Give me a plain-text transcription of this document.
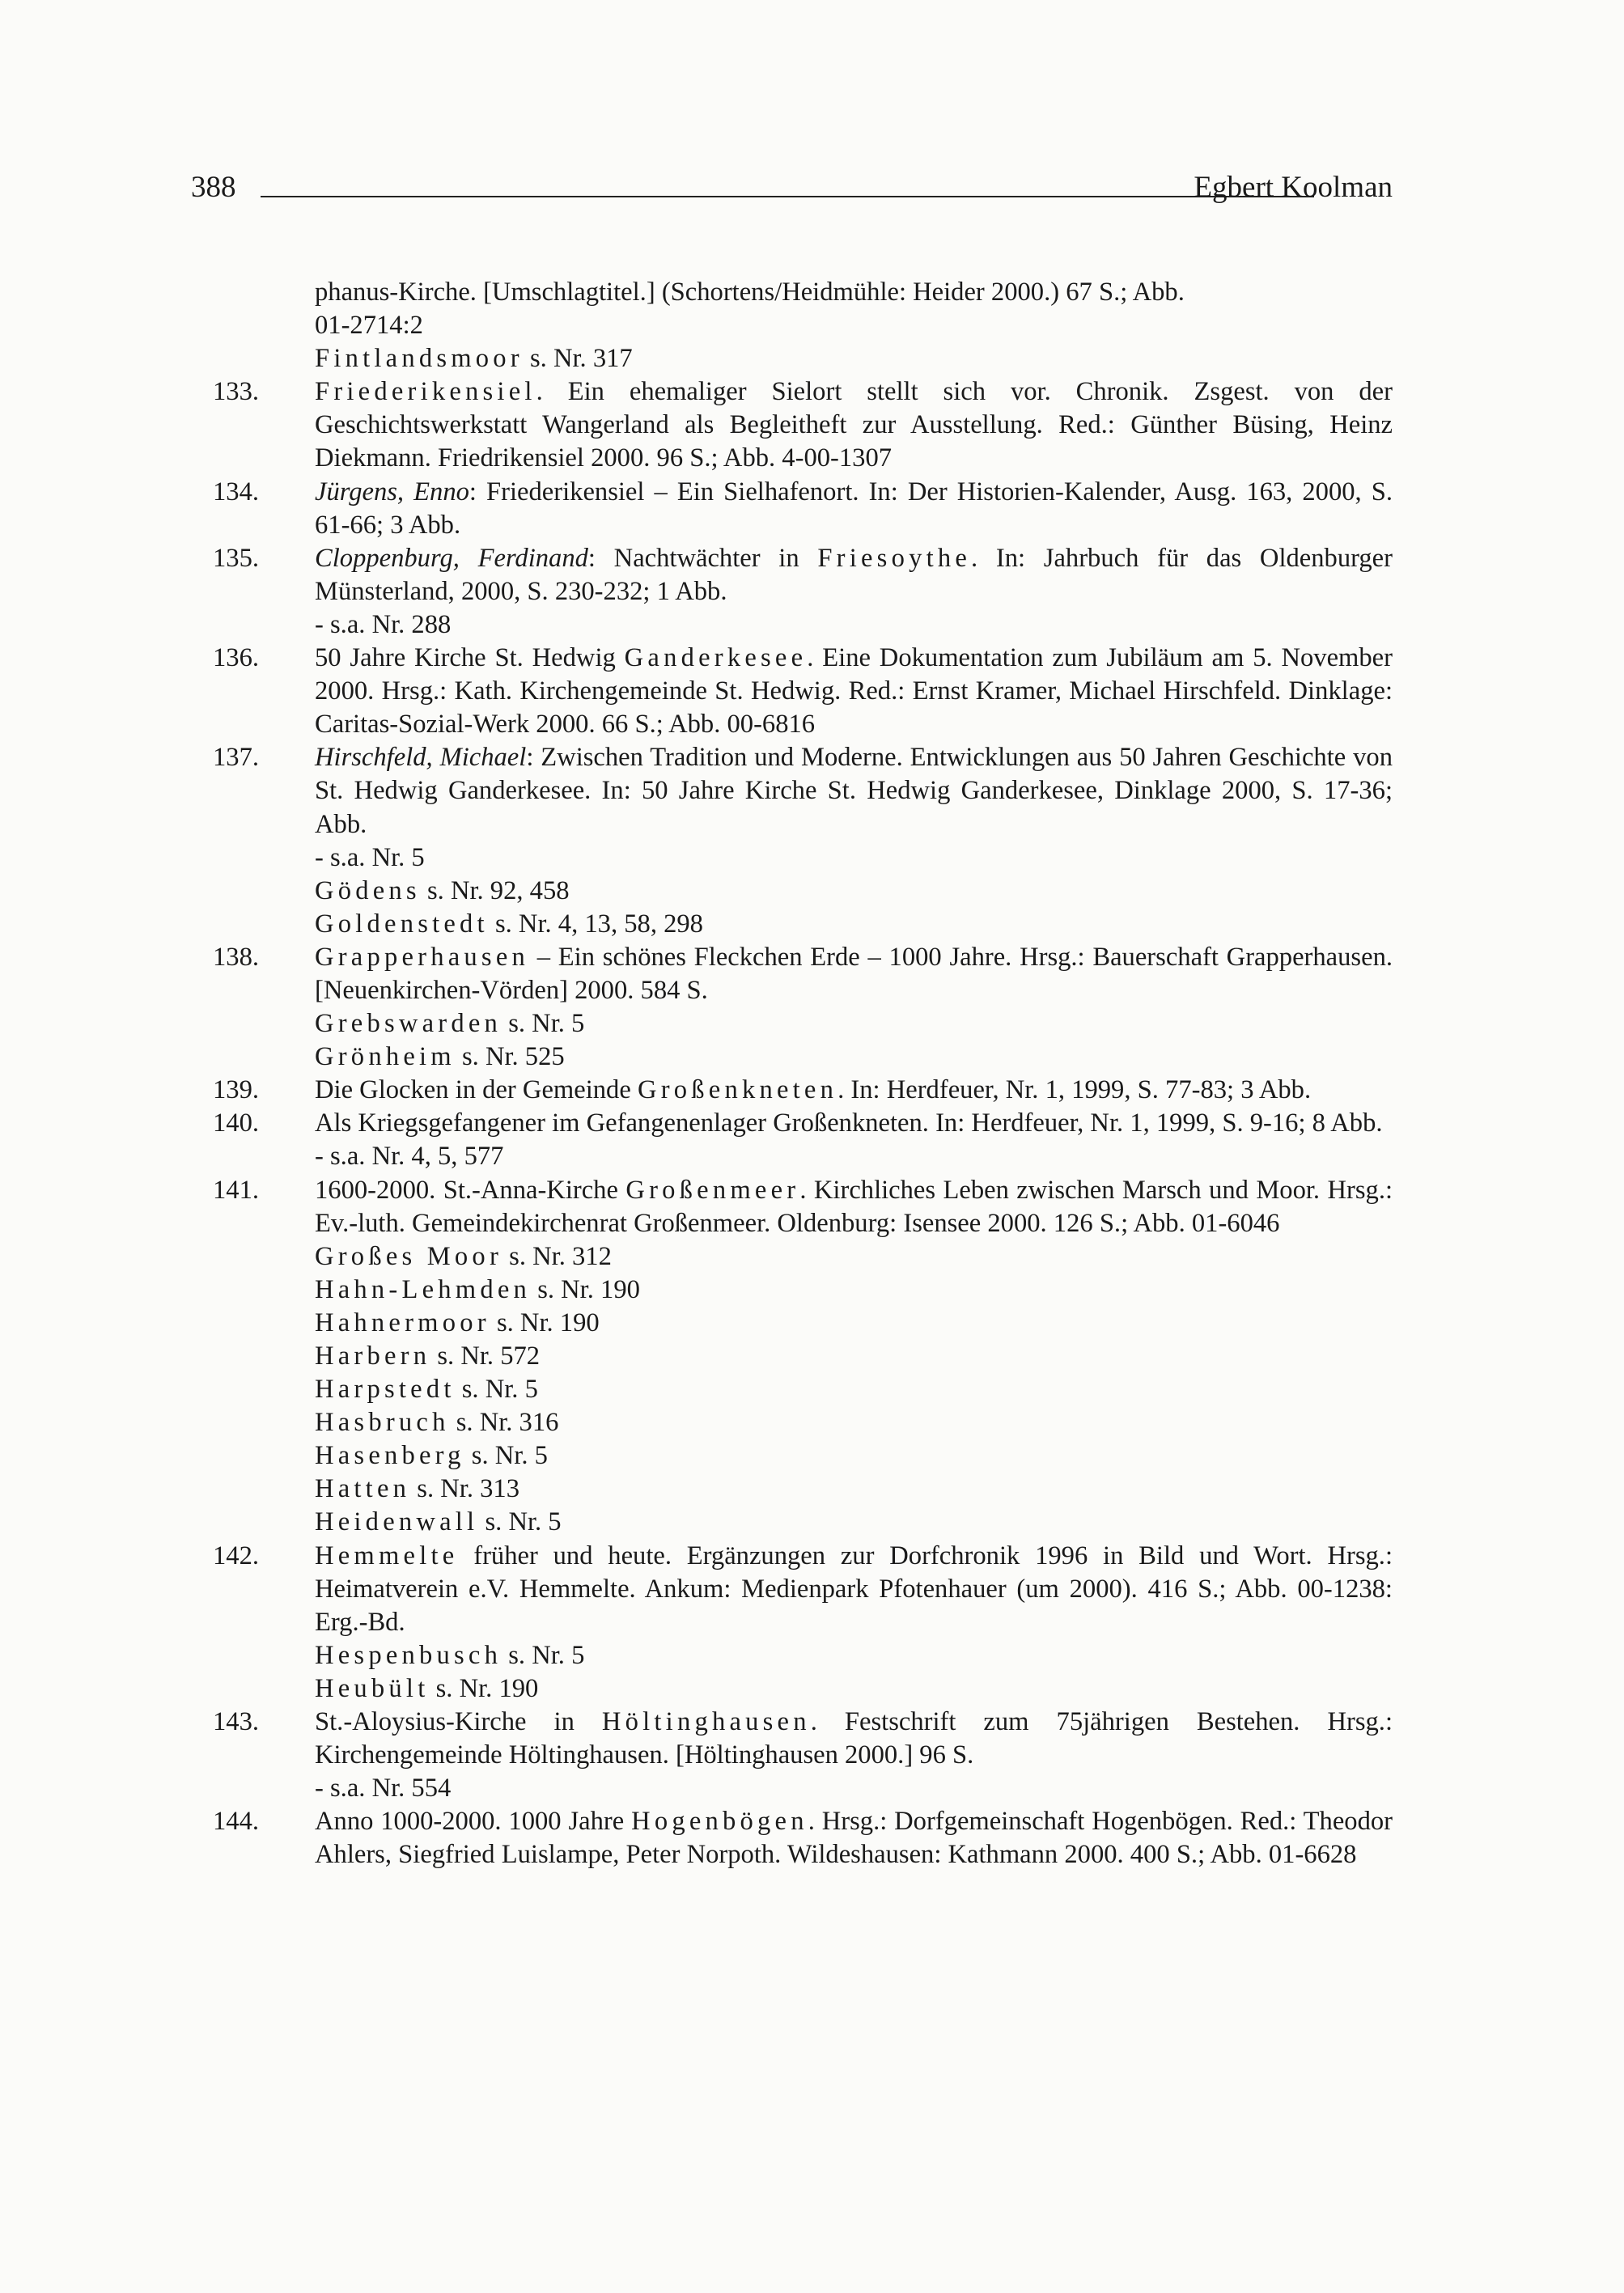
388	Egbert Koolman
phanus-Kirche. [Umschlagtitel.] (Schortens/Heidmühle: Heider 2000.) 67 S.; Abb.
01-2714:2
Fintlandsmoor s. Nr. 317
133. Friederikensiel. Ein ehemaliger Sielort stellt sich vor. Chronik. Zsgest. von der Geschichtswerkstatt Wangerland als Begleitheft zur Ausstellung. Red.: Günther Büsing, Heinz Diekmann. Friedrikensiel 2000. 96 S.; Abb. 4-00-1307
134. Jürgens, Enno: Friederikensiel – Ein Sielhafenort. In: Der Historien-Kalender, Ausg. 163, 2000, S. 61-66; 3 Abb.
135. Cloppenburg, Ferdinand: Nachtwächter in Friesoythe. In: Jahrbuch für das Oldenburger Münsterland, 2000, S. 230-232; 1 Abb.
- s.a. Nr. 288
136. 50 Jahre Kirche St. Hedwig Ganderkesee. Eine Dokumentation zum Jubiläum am 5. November 2000. Hrsg.: Kath. Kirchengemeinde St. Hedwig. Red.: Ernst Kramer, Michael Hirschfeld. Dinklage: Caritas-Sozial-Werk 2000. 66 S.; Abb. 00-6816
137. Hirschfeld, Michael: Zwischen Tradition und Moderne. Entwicklungen aus 50 Jahren Geschichte von St. Hedwig Ganderkesee. In: 50 Jahre Kirche St. Hedwig Ganderkesee, Dinklage 2000, S. 17-36; Abb.
- s.a. Nr. 5
Gödens s. Nr. 92, 458
Goldenstedt s. Nr. 4, 13, 58, 298
138. Grapperhausen – Ein schönes Fleckchen Erde – 1000 Jahre. Hrsg.: Bauerschaft Grapperhausen. [Neuenkirchen-Vörden] 2000. 584 S.
Grebswarden s. Nr. 5
Grönheim s. Nr. 525
139. Die Glocken in der Gemeinde Großenkneten. In: Herdfeuer, Nr. 1, 1999, S. 77-83; 3 Abb.
140. Als Kriegsgefangener im Gefangenenlager Großenkneten. In: Herdfeuer, Nr. 1, 1999, S. 9-16; 8 Abb.
- s.a. Nr. 4, 5, 577
141. 1600-2000. St.-Anna-Kirche Großenmeer. Kirchliches Leben zwischen Marsch und Moor. Hrsg.: Ev.-luth. Gemeindekirchenrat Großenmeer. Oldenburg: Isensee 2000. 126 S.; Abb. 01-6046
Großes Moor s. Nr. 312
Hahn-Lehmden s. Nr. 190
Hahnermoor s. Nr. 190
Harbern s. Nr. 572
Harpstedt s. Nr. 5
Hasbruch s. Nr. 316
Hasenberg s. Nr. 5
Hatten s. Nr. 313
Heidenwall s. Nr. 5
142. Hemmelte früher und heute. Ergänzungen zur Dorfchronik 1996 in Bild und Wort. Hrsg.: Heimatverein e.V. Hemmelte. Ankum: Medienpark Pfotenhauer (um 2000). 416 S.; Abb. 00-1238: Erg.-Bd.
Hespenbusch s. Nr. 5
Heubült s. Nr. 190
143. St.-Aloysius-Kirche in Höltinghausen. Festschrift zum 75jährigen Bestehen. Hrsg.: Kirchengemeinde Höltinghausen. [Höltinghausen 2000.] 96 S.
- s.a. Nr. 554
144. Anno 1000-2000. 1000 Jahre Hogenbögen. Hrsg.: Dorfgemeinschaft Hogenbögen. Red.: Theodor Ahlers, Siegfried Luislampe, Peter Norpoth. Wildeshausen: Kathmann 2000. 400 S.; Abb. 01-6628
